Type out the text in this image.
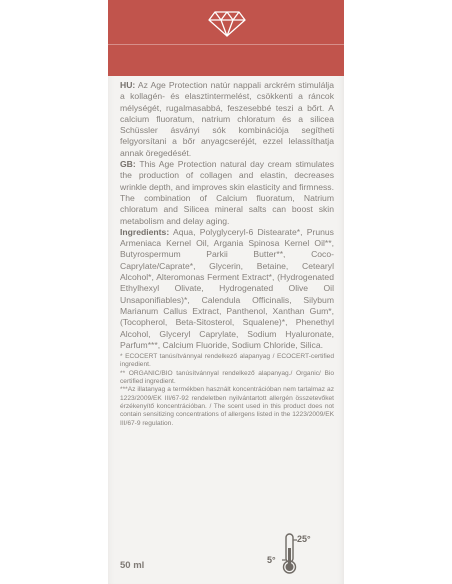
HU: Az Age Protection natúr nappali arckrém stimulálja a kollagén- és elasztintermelést, csökkenti a ráncok mélységét, rugalmasabbá, feszesebbé teszi a bőrt. A calcium fluoratum, natrium chloratum és a silicea Schüssler ásványi sók kombinációja segítheti felgyorsítani a bőr anyagcseréjét, ezzel lelassíthatja annak öregedését.

GB: This Age Protection natural day cream stimulates the production of collagen and elastin, decreases wrinkle depth, and improves skin elasticity and firmness. The combination of Calcium fluoratum, Natrium chloratum and Silicea mineral salts can boost skin metabolism and delay aging.

Ingredients: Aqua, Polyglyceryl-6 Distearate*, Prunus Armeniaca Kernel Oil, Argania Spinosa Kernel Oil**, Butyrospermum Parkii Butter**, Coco-Caprylate/Caprate*, Glycerin, Betaine, Cetearyl Alcohol*, Alteromonas Ferment Extract*, (Hydrogenated Ethylhexyl Olivate, Hydrogenated Olive Oil Unsaponifiables)*, Calendula Officinalis, Silybum Marianum Callus Extract, Panthenol, Xanthan Gum*, (Tocopherol, Beta-Sitosterol, Squalene)*, Phenethyl Alcohol, Glyceryl Caprylate, Sodium Hyaluronate, Parfum***, Calcium Fluoride, Sodium Chloride, Silica.

* ECOCERT tanúsítvánnyal rendelkező alapanyag / ECOCERT-certified ingredient.

** ORGANIC/BIO tanúsítvánnyal rendelkező alapanyag./ Organic/ Bio certified ingredient.

***Az illatanyag a termékben használt koncentrációban nem tartalmaz az 1223/2009/EK III/67-92 rendeletben nyilvántartott allergén összetevőket érzékenyítő koncentrációban. / The scent used in this product does not contain sensitizing concentrations of allergens listed in the 1223/2009/EK III/67-9 regulation.

50 ml
25°
5°
